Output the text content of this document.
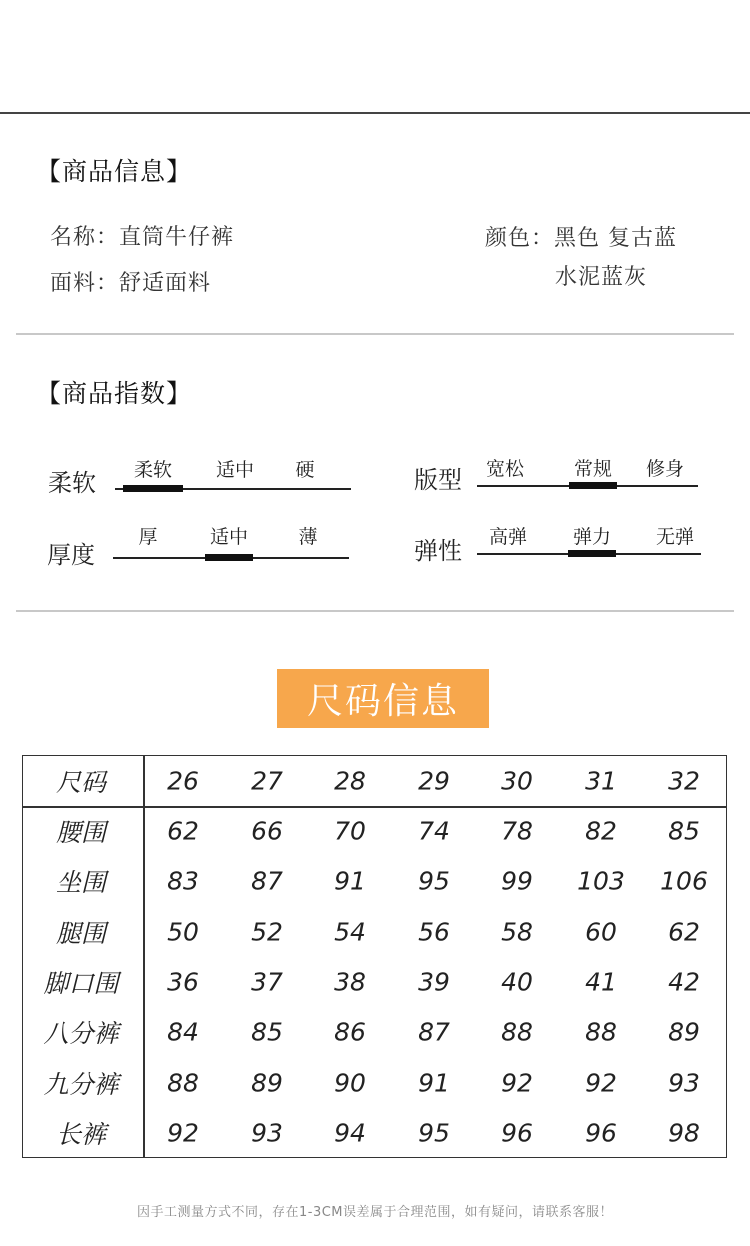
【商品信息】
名称：直筒牛仔裤
面料：舒适面料
颜色：黑色 复古蓝
水泥蓝灰
【商品指数】
柔软 柔软 适中 硬	版型 宽松	常规 修身
厚度
厚	适中	薄	弹性 高弹 弹力 无弹
尺码信息
尺码 26 27 28 29 30 31 32
腰围 62 66 70 74 78 82 85
坐围 83 87 91 95 99 103 106
腿围 50 52 54 56 58 60 62
脚口围 36 37 38 39 40 41 42
八分裤 84 85 86 87 88 88 89
九分裤 88 89 90 91 92 92 93
长裤 92 93 94 95 96 96 98
因手工测量方式不同，存在1-3CM误差属于合理范围，如有疑问，请联系客服！
